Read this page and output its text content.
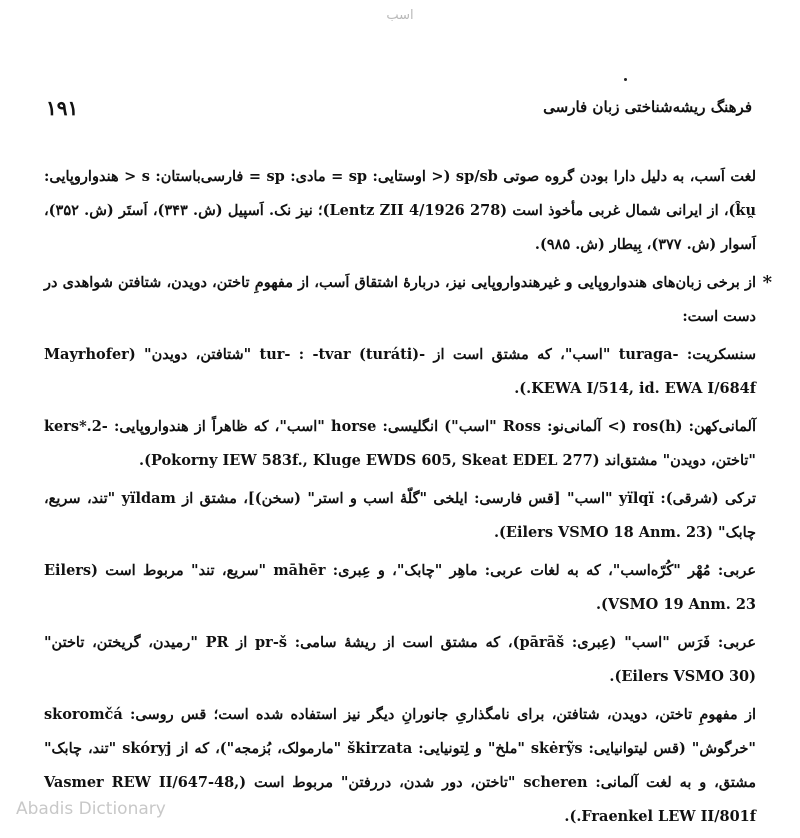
اسب
۱۹۱	فرهنگ ریشه‌شناختی زبان فارسی

لغت اَسب، به دلیل دارا بودن گروه صوتی sp/sb (< اوستایی: sp = مادی: sp = فارسی‌باستان: s < هندواروپایی: k̑u̯)، از ایرانی شمال غربی مأخوذ است (Lentz ZII 4/1926 278)؛ نیز نک. اَسپیل (ش. ۳۴۳)، اَستَر (ش. ۳۵۲)، اَسوار (ش. ۳۷۷)، بِیطار (ش. ۹۸۵).

*
از برخی زبان‌های هندواروپایی و غیرهندواروپایی نیز، دربارهٔ اشتقاق اَسب، از مفهومِ تاختن، دویدن، شتافتن شواهدی در دست است:

سنسکریت: -turaga "اسب"، که مشتق است از -tur- : -tvar (turáti) "شتافتن، دویدن" (Mayrhofer KEWA I/514, id. EWA I/684f.).

آلمانی‌کهن: (h)ros (> آلمانی‌نو: Ross "اسب") انگلیسی: horse "اسب"، که ظاهراً از هندواروپایی: -kers*.2 "تاختن، دویدن" مشتق‌اند (Pokorny IEW 583f., Kluge EWDS 605, Skeat EDEL 277).

ترکی (شرقی): yïlqï "اسب" [قس فارسی: ایلخی "گلّهٔ اسب و استر" (سخن)]، مشتق از yïldam "تند، سریع، چابک" (Eilers VSMO 18 Anm. 23).

عربی: مُهْر "کُرّه‌اسب"، که به لغات عربی: ماهِر "چابک"، و عِبری: māhēr "سریع، تند" مربوط است (Eilers VSMO 19 Anm. 23).

عربی: فَرَس "اسب" (عِبری: pārāš)، که مشتق است از ریشهٔ سامی: pr-š از PR "رمیدن، گریختن، تاختن" (Eilers VSMO 30).

از مفهومِ تاختن، دویدن، شتافتن، برای نامگذاریِ جانورانِ دیگر نیز استفاده شده است؛ قس روسی: skoromčá "خرگوش" (قس لیتوانیایی: skėrỹs "ملخ" و لِتونیایی: škirzata "مارمولک، بُزمجه")، که از skóryj "تند، چابک" مشتق، و به لغت آلمانی: scheren "تاختن، دور شدن، دررفتن" مربوط است (Vasmer REW II/647-48, Fraenkel LEW II/801f.).

Abadis Dictionary
